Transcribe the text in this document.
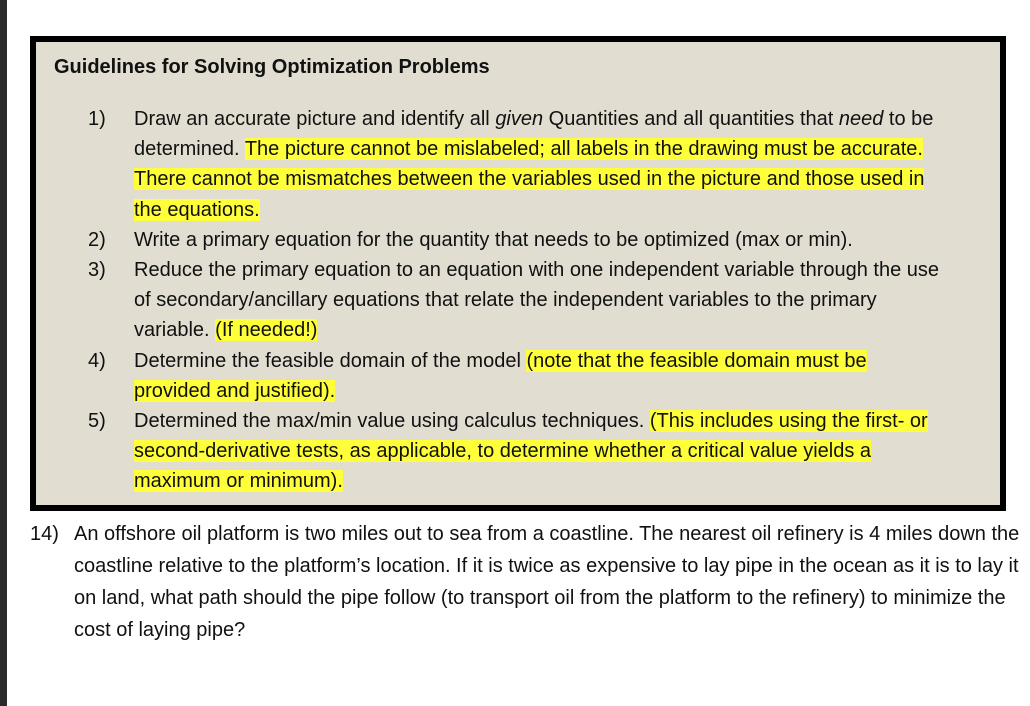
Guidelines for Solving Optimization Problems
1) Draw an accurate picture and identify all given Quantities and all quantities that need to be determined. The picture cannot be mislabeled; all labels in the drawing must be accurate. There cannot be mismatches between the variables used in the picture and those used in the equations.
2) Write a primary equation for the quantity that needs to be optimized (max or min).
3) Reduce the primary equation to an equation with one independent variable through the use of secondary/ancillary equations that relate the independent variables to the primary variable. (If needed!)
4) Determine the feasible domain of the model (note that the feasible domain must be provided and justified).
5) Determined the max/min value using calculus techniques. (This includes using the first- or second-derivative tests, as applicable, to determine whether a critical value yields a maximum or minimum).
14) An offshore oil platform is two miles out to sea from a coastline. The nearest oil refinery is 4 miles down the coastline relative to the platform’s location. If it is twice as expensive to lay pipe in the ocean as it is to lay it on land, what path should the pipe follow (to transport oil from the platform to the refinery) to minimize the cost of laying pipe?
